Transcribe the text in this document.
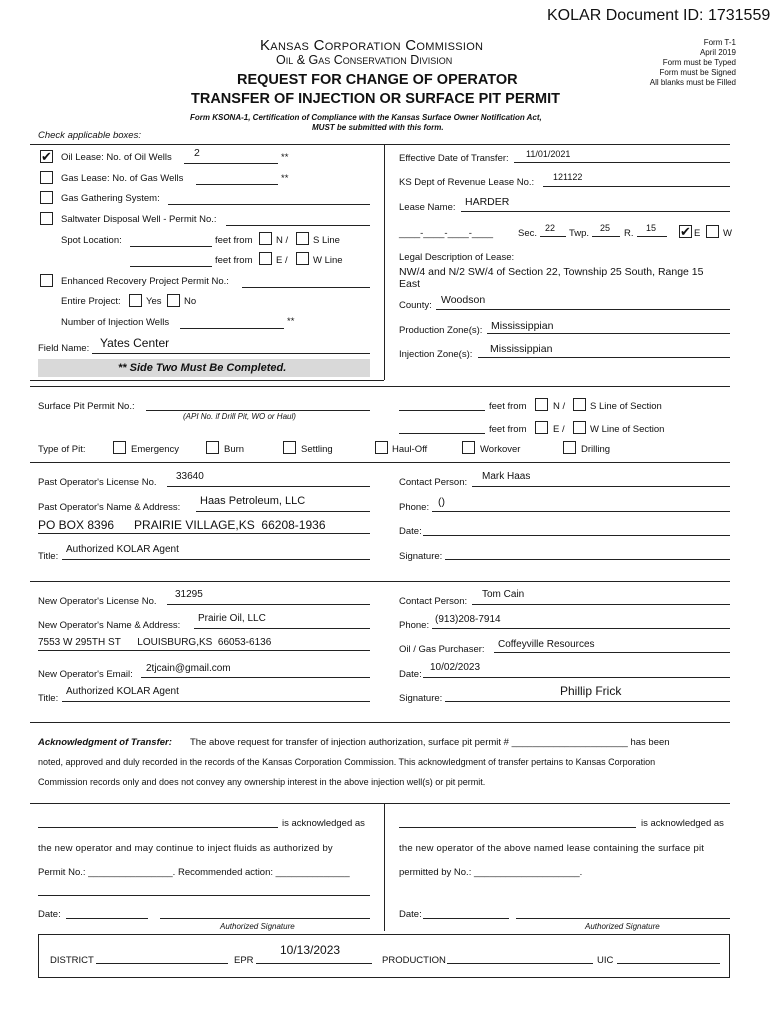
KOLAR Document ID: 1731559
Kansas Corporation Commission
Oil & Gas Conservation Division
REQUEST FOR CHANGE OF OPERATOR
TRANSFER OF INJECTION OR SURFACE PIT PERMIT
Form T-1
April 2019
Form must be Typed
Form must be Signed
All blanks must be Filled
Form KSONA-1, Certification of Compliance with the Kansas Surface Owner Notification Act,
MUST be submitted with this form.
Check applicable boxes:
✔ Oil Lease: No. of Oil Wells 2	**
Gas Lease: No. of Gas Wells	**
Gas Gathering System:
Saltwater Disposal Well - Permit No.:
Spot Location:	feet from N /	S Line
feet from E /	W Line
Enhanced Recovery Project Permit No.:
Entire Project:	Yes No
Number of Injection Wells	**
Field Name: Yates Center
** Side Two Must Be Completed.
Effective Date of Transfer: 11/01/2021
KS Dept of Revenue Lease No.: 121122
Lease Name: HARDER
____-____-____-____	Sec. 22 Twp. 25 R. 15 ✔ E W
Legal Description of Lease:
NW/4 and N/2 SW/4 of Section 22, Township 25 South, Range 15
East
County: Woodson
Production Zone(s): Mississippian
Injection Zone(s): Mississippian
Surface Pit Permit No.:
(API No. if Drill Pit, WO or Haul)
feet from	N /	S Line of Section
feet from	E /	W Line of Section
Type of Pit:	Emergency	Burn	Settling	Haul-Off	Workover	Drilling
Past Operator's License No.
33640
Contact Person:
Mark Haas
Past Operator's Name & Address:
Haas Petroleum, LLC
Phone: ()
PO BOX 8396      PRAIRIE VILLAGE,KS  66208-1936	Date:
Title:
Authorized KOLAR Agent
Signature:
New Operator's License No.
31295
Contact Person:
Tom Cain
New Operator's Name & Address:
Prairie Oil, LLC
Phone:
(913)208-7914
7553 W 295TH ST      LOUISBURG,KS  66053-6136
Oil / Gas Purchaser: Coffeyville Resources
New Operator's Email:
2tjcain@gmail.com
Date:
10/02/2023
Title:
Authorized KOLAR Agent
Signature:
Phillip Frick
Acknowledgment of Transfer: The above request for transfer of injection authorization, surface pit permit # ______________________ has been
noted, approved and duly recorded in the records of the Kansas Corporation Commission. This acknowledgment of transfer pertains to Kansas Corporation
Commission records only and does not convey any ownership interest in the above injection well(s) or pit permit.
is acknowledged as
the new operator and may continue to inject fluids as authorized by
Permit No.: ________________. Recommended action: ______________
Date:
Authorized Signature
is acknowledged as
the new operator of the above named lease containing the surface pit
permitted by No.: ____________________.
Date:
Authorized Signature
DISTRICT	EPR
10/13/2023
PRODUCTION	UIC
